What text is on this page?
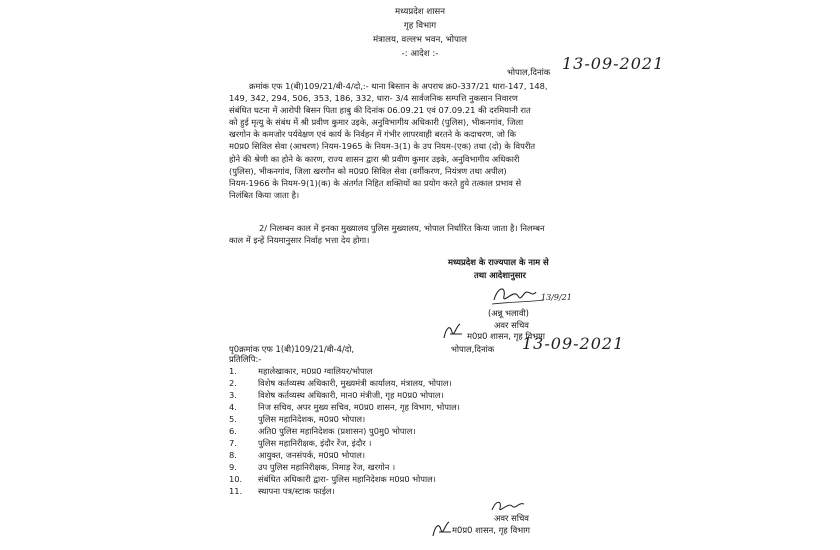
मध्यप्रदेश शासन
गृह विभाग
मंत्रालय, वल्लभ भवन, भोपाल
-: आदेश :-
भोपाल,दिनांक 13-09-2021
क्रमांक एफ 1(बी)109/21/बी-4/दो,:- थाना बिस्तान के अपराध क्र0-337/21 धारा-147, 148,
149, 342, 294, 506, 353, 186, 332, धारा- 3/4 सार्वजनिक सम्पत्ति नुकसान निवारण
संबंधित घटना में आरोपी बिसन पिता हाबु की दिनांक 06.09.21 एवं 07.09.21 की दरमियानी रात
को हुई मृत्यु के संबंध में श्री प्रवीण कुमार उइके, अनुविभागीय अधिकारी (पुलिस), भीकनगांव, जिला
खरगोन के कमजोर पर्यवेक्षण एवं कार्य के निर्वहन में गंभीर लापरवाही बरतने के कदाचरण, जो कि
म0प्र0 सिविल सेवा (आचरण) नियम-1965 के नियम-3(1) के उप नियम-(एक) तथा (दो) के विपरीत
होने की श्रेणी का होने के कारण, राज्य शासन द्वारा श्री प्रवीण कुमार उइके, अनुविभागीय अधिकारी
(पुलिस), भीकनगांव, जिला खरगौन को म0प्र0 सिविल सेवा (वर्गीकरण, नियंत्रण तथा अपील)
नियम-1966 के नियम-9(1)(क) के अंतर्गत निहित शक्तियों का प्रयोग करते हुये तत्काल प्रभाव से
निलंबित किया जाता है।
2/ निलम्बन काल में इनका मुख्यालय पुलिस मुख्यालय, भोपाल निर्धारित किया जाता है। निलम्बन
काल में इन्हें नियमानुसार निर्वाह भत्ता देय होगा।
मध्यप्रदेश के राज्यपाल के नाम से
तथा आदेशानुसार
13/9/21
(अन्नू भलावी)
अवर सचिव
म0प्र0 शासन, गृह विभाग
पृ0क्रमांक एफ 1(बी)109/21/बी-4/दो,	भोपाल,दिनांक 13-09-2021
प्रतिलिपि:-
1.	महालेखाकार, म0प्र0 ग्वालियर/भोपाल
2.	विशेष कर्तव्यस्थ अधिकारी, मुख्यमंत्री कार्यालय, मंत्रालय, भोपाल।
3.	विशेष कर्तव्यस्थ अधिकारी, मान0 मंत्रीजी, गृह म0प्र0 भोपाल।
4.	निज सचिव, अपर मुख्य सचिव, म0प्र0 शासन, गृह विभाग, भोपाल।
5.	पुलिस महानिदेशक, म0प्र0 भोपाल।
6.	अति0 पुलिस महानिदेशक (प्रशासन) पु0मु0 भोपाल।
7.	पुलिस महानिरीक्षक, इंदौर रेंज, इंदौर ।
8.	आयुक्त, जनसंपर्क, म0प्र0 भोपाल।
9.	उप पुलिस महानिरीक्षक, निमाड़ रेंज, खरगोन ।
10.	संबंधित अधिकारी द्वारा- पुलिस महानिदेशक म0प्र0 भोपाल।
11.	स्थापना पत्र/स्टाक फाईल।
अवर सचिव
म0प्र0 शासन, गृह विभाग
